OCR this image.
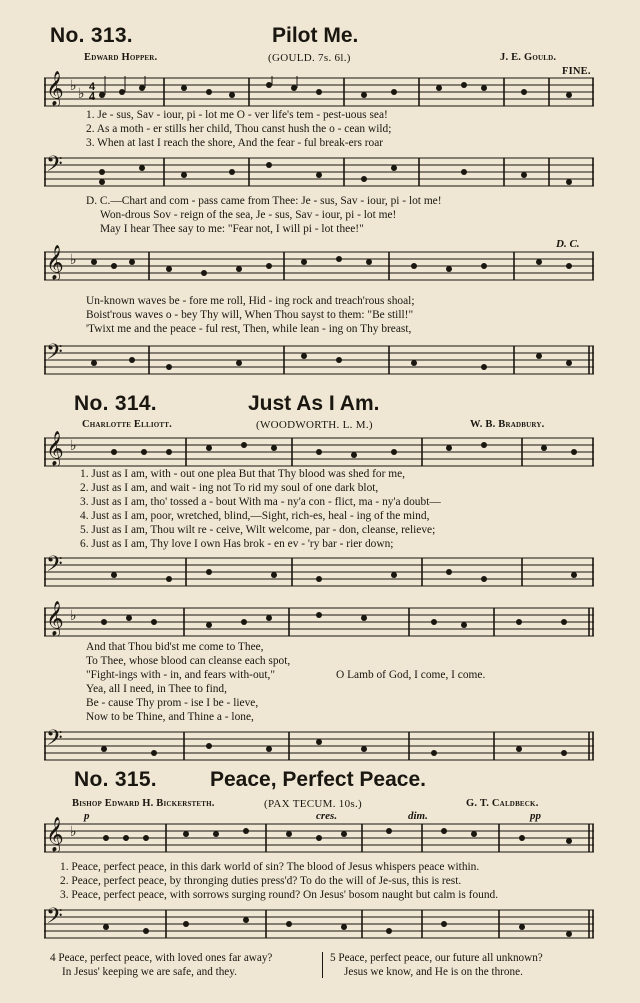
No. 313.	Pilot Me.
Edward Hopper.	(GOULD. 7s. 6l.)	J. E. Gould.
FINE.
𝄞 ♭
♭ 4
4
1. Je - sus, Sav - iour, pi - lot me O - ver life's tem - pest-uous sea!
2. As a moth - er stills her child, Thou canst hush the o - cean wild;
3. When at last I reach the shore, And the fear - ful break-ers roar
𝄢
D. C.—Chart and com - pass came from Thee: Je - sus, Sav - iour, pi - lot me!
Won-drous Sov - reign of the sea, Je - sus, Sav - iour, pi - lot me!
May I hear Thee say to me: "Fear not, I will pi - lot thee!"
D. C.
𝄞 ♭
Un-known waves be - fore me roll, Hid - ing rock and treach'rous shoal;
Boist'rous waves o - bey Thy will, When Thou sayst to them: "Be still!"
'Twixt me and the peace - ful rest, Then, while lean - ing on Thy breast,
𝄢
No. 314.	Just As I Am.
Charlotte Elliott.	(WOODWORTH. L. M.)	W. B. Bradbury.
𝄞 ♭
1. Just as I am, with - out one plea But that Thy blood was shed for me,
2. Just as I am, and wait - ing not To rid my soul of one dark blot,
3. Just as I am, tho' tossed a - bout With ma - ny'a con - flict, ma - ny'a doubt—
4. Just as I am, poor, wretched, blind,—Sight, rich-es, heal - ing of the mind,
5. Just as I am, Thou wilt re - ceive, Wilt welcome, par - don, cleanse, relieve;
6. Just as I am, Thy love I own Has brok - en ev - 'ry bar - rier down;
𝄢
𝄞 ♭
And that Thou bid'st me come to Thee,
To Thee, whose blood can cleanse each spot,
"Fight-ings with - in, and fears with-out,"	O Lamb of God, I come, I come.
Yea, all I need, in Thee to find,
Be - cause Thy prom - ise I be - lieve,
Now to be Thine, and Thine a - lone,
𝄢
No. 315.	Peace, Perfect Peace.
Bishop Edward H. Bickersteth.	(PAX TECUM. 10s.)	G. T. Caldbeck.
p	cres.	dim.	pp
𝄞 ♭
1. Peace, perfect peace, in this dark world of sin? The blood of Jesus whispers peace within.
2. Peace, perfect peace, by thronging duties press'd? To do the will of Je-sus, this is rest.
3. Peace, perfect peace, with sorrows surging round? On Jesus' bosom naught but calm is found.
𝄢
4 Peace, perfect peace, with loved ones far away?
In Jesus' keeping we are safe, and they.
5 Peace, perfect peace, our future all unknown?
Jesus we know, and He is on the throne.
